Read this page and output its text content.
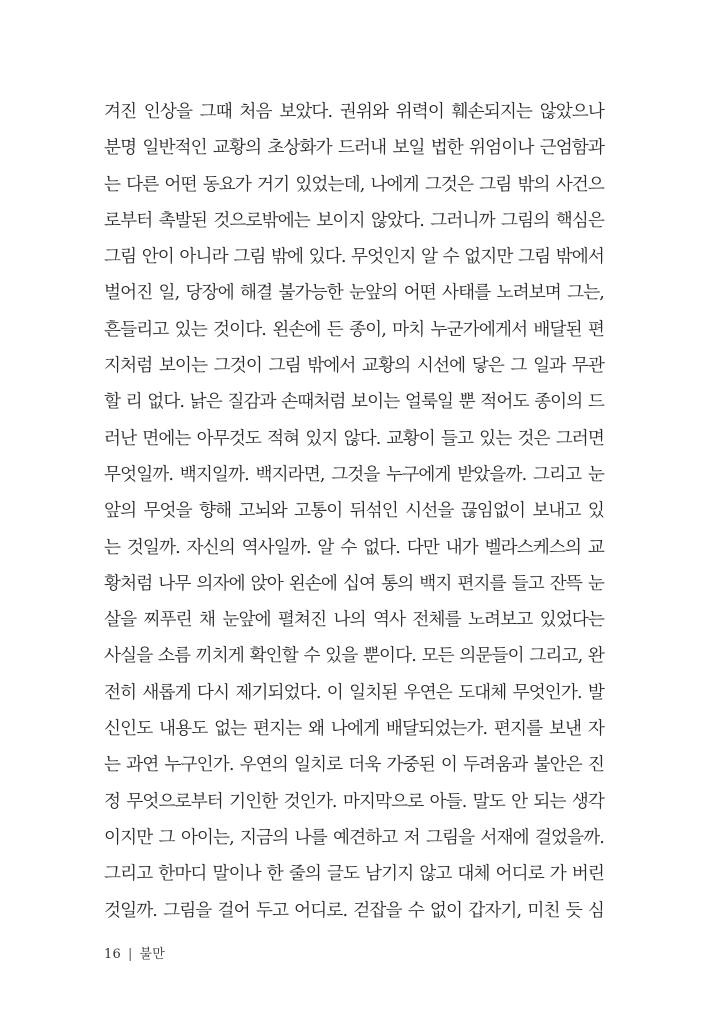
겨진 인상을 그때 처음 보았다. 권위와 위력이 훼손되지는 않았으나
분명 일반적인 교황의 초상화가 드러내 보일 법한 위엄이나 근엄함과
는 다른 어떤 동요가 거기 있었는데, 나에게 그것은 그림 밖의 사건으
로부터 촉발된 것으로밖에는 보이지 않았다. 그러니까 그림의 핵심은
그림 안이 아니라 그림 밖에 있다. 무엇인지 알 수 없지만 그림 밖에서
벌어진 일, 당장에 해결 불가능한 눈앞의 어떤 사태를 노려보며 그는,
흔들리고 있는 것이다. 왼손에 든 종이, 마치 누군가에게서 배달된 편
지처럼 보이는 그것이 그림 밖에서 교황의 시선에 닿은 그 일과 무관
할 리 없다. 낡은 질감과 손때처럼 보이는 얼룩일 뿐 적어도 종이의 드
러난 면에는 아무것도 적혀 있지 않다. 교황이 들고 있는 것은 그러면
무엇일까. 백지일까. 백지라면, 그것을 누구에게 받았을까. 그리고 눈
앞의 무엇을 향해 고뇌와 고통이 뒤섞인 시선을 끊임없이 보내고 있
는 것일까. 자신의 역사일까. 알 수 없다. 다만 내가 벨라스케스의 교
황처럼 나무 의자에 앉아 왼손에 십여 통의 백지 편지를 들고 잔뜩 눈
살을 찌푸린 채 눈앞에 펼쳐진 나의 역사 전체를 노려보고 있었다는
사실을 소름 끼치게 확인할 수 있을 뿐이다. 모든 의문들이 그리고, 완
전히 새롭게 다시 제기되었다. 이 일치된 우연은 도대체 무엇인가. 발
신인도 내용도 없는 편지는 왜 나에게 배달되었는가. 편지를 보낸 자
는 과연 누구인가. 우연의 일치로 더욱 가중된 이 두려움과 불안은 진
정 무엇으로부터 기인한 것인가. 마지막으로 아들. 말도 안 되는 생각
이지만 그 아이는, 지금의 나를 예견하고 저 그림을 서재에 걸었을까.
그리고 한마디 말이나 한 줄의 글도 남기지 않고 대체 어디로 가 버린
것일까. 그림을 걸어 두고 어디로. 걷잡을 수 없이 갑자기, 미친 듯 심
16 | 불만
